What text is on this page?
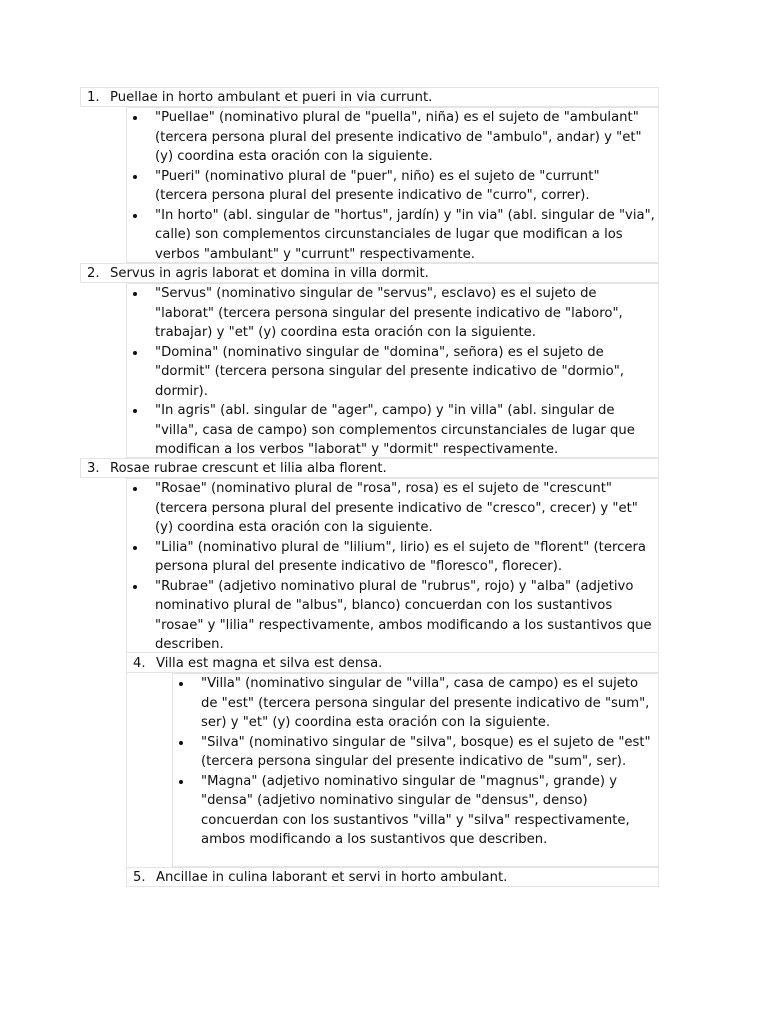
1. Puellae in horto ambulant et pueri in via currunt.
"Puellae" (nominativo plural de "puella", niña) es el sujeto de "ambulant" (tercera persona plural del presente indicativo de "ambulo", andar) y "et" (y) coordina esta oración con la siguiente.
"Pueri" (nominativo plural de "puer", niño) es el sujeto de "currunt" (tercera persona plural del presente indicativo de "curro", correr).
"In horto" (abl. singular de "hortus", jardín) y "in via" (abl. singular de "via", calle) son complementos circunstanciales de lugar que modifican a los verbos "ambulant" y "currunt" respectivamente.
2. Servus in agris laborat et domina in villa dormit.
"Servus" (nominativo singular de "servus", esclavo) es el sujeto de "laborat" (tercera persona singular del presente indicativo de "laboro", trabajar) y "et" (y) coordina esta oración con la siguiente.
"Domina" (nominativo singular de "domina", señora) es el sujeto de "dormit" (tercera persona singular del presente indicativo de "dormio", dormir).
"In agris" (abl. singular de "ager", campo) y "in villa" (abl. singular de "villa", casa de campo) son complementos circunstanciales de lugar que modifican a los verbos "laborat" y "dormit" respectivamente.
3. Rosae rubrae crescunt et lilia alba florent.
"Rosae" (nominativo plural de "rosa", rosa) es el sujeto de "crescunt" (tercera persona plural del presente indicativo de "cresco", crecer) y "et" (y) coordina esta oración con la siguiente.
"Lilia" (nominativo plural de "lilium", lirio) es el sujeto de "florent" (tercera persona plural del presente indicativo de "floresco", florecer).
"Rubrae" (adjetivo nominativo plural de "rubrus", rojo) y "alba" (adjetivo nominativo plural de "albus", blanco) concuerdan con los sustantivos "rosae" y "lilia" respectivamente, ambos modificando a los sustantivos que describen.
4. Villa est magna et silva est densa.
"Villa" (nominativo singular de "villa", casa de campo) es el sujeto de "est" (tercera persona singular del presente indicativo de "sum", ser) y "et" (y) coordina esta oración con la siguiente.
"Silva" (nominativo singular de "silva", bosque) es el sujeto de "est" (tercera persona singular del presente indicativo de "sum", ser).
"Magna" (adjetivo nominativo singular de "magnus", grande) y "densa" (adjetivo nominativo singular de "densus", denso) concuerdan con los sustantivos "villa" y "silva" respectivamente, ambos modificando a los sustantivos que describen.
5. Ancillae in culina laborant et servi in horto ambulant.
